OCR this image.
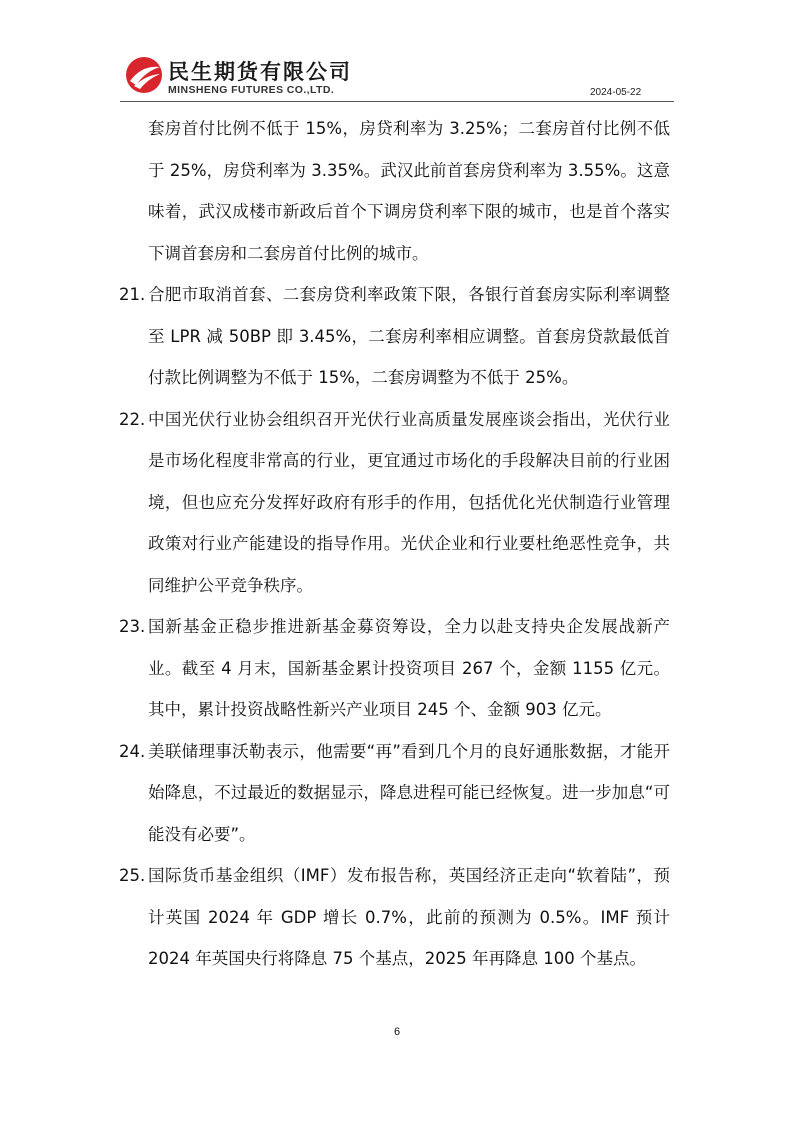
民生期货有限公司
MINSHENG FUTURES CO.,LTD.	2024-05-22

套房首付比例不低于 15%，房贷利率为 3.25%；二套房首付比例不低于 25%，房贷利率为 3.35%。武汉此前首套房贷利率为 3.55%。这意味着，武汉成楼市新政后首个下调房贷利率下限的城市，也是首个落实下调首套房和二套房首付比例的城市。

21. 合肥市取消首套、二套房贷利率政策下限，各银行首套房实际利率调整至 LPR 减 50BP 即 3.45%，二套房利率相应调整。首套房贷款最低首付款比例调整为不低于 15%，二套房调整为不低于 25%。

22. 中国光伏行业协会组织召开光伏行业高质量发展座谈会指出，光伏行业是市场化程度非常高的行业，更宜通过市场化的手段解决目前的行业困境，但也应充分发挥好政府有形手的作用，包括优化光伏制造行业管理政策对行业产能建设的指导作用。光伏企业和行业要杜绝恶性竞争，共同维护公平竞争秩序。

23. 国新基金正稳步推进新基金募资筹设，全力以赴支持央企发展战新产业。截至 4 月末，国新基金累计投资项目 267 个，金额 1155 亿元。其中，累计投资战略性新兴产业项目 245 个、金额 903 亿元。

24. 美联储理事沃勒表示，他需要“再”看到几个月的良好通胀数据，才能开始降息，不过最近的数据显示，降息进程可能已经恢复。进一步加息“可能没有必要”。

25. 国际货币基金组织（IMF）发布报告称，英国经济正走向“软着陆”，预计英国 2024 年 GDP 增长 0.7%，此前的预测为 0.5%。IMF 预计 2024 年英国央行将降息 75 个基点，2025 年再降息 100 个基点。

6
